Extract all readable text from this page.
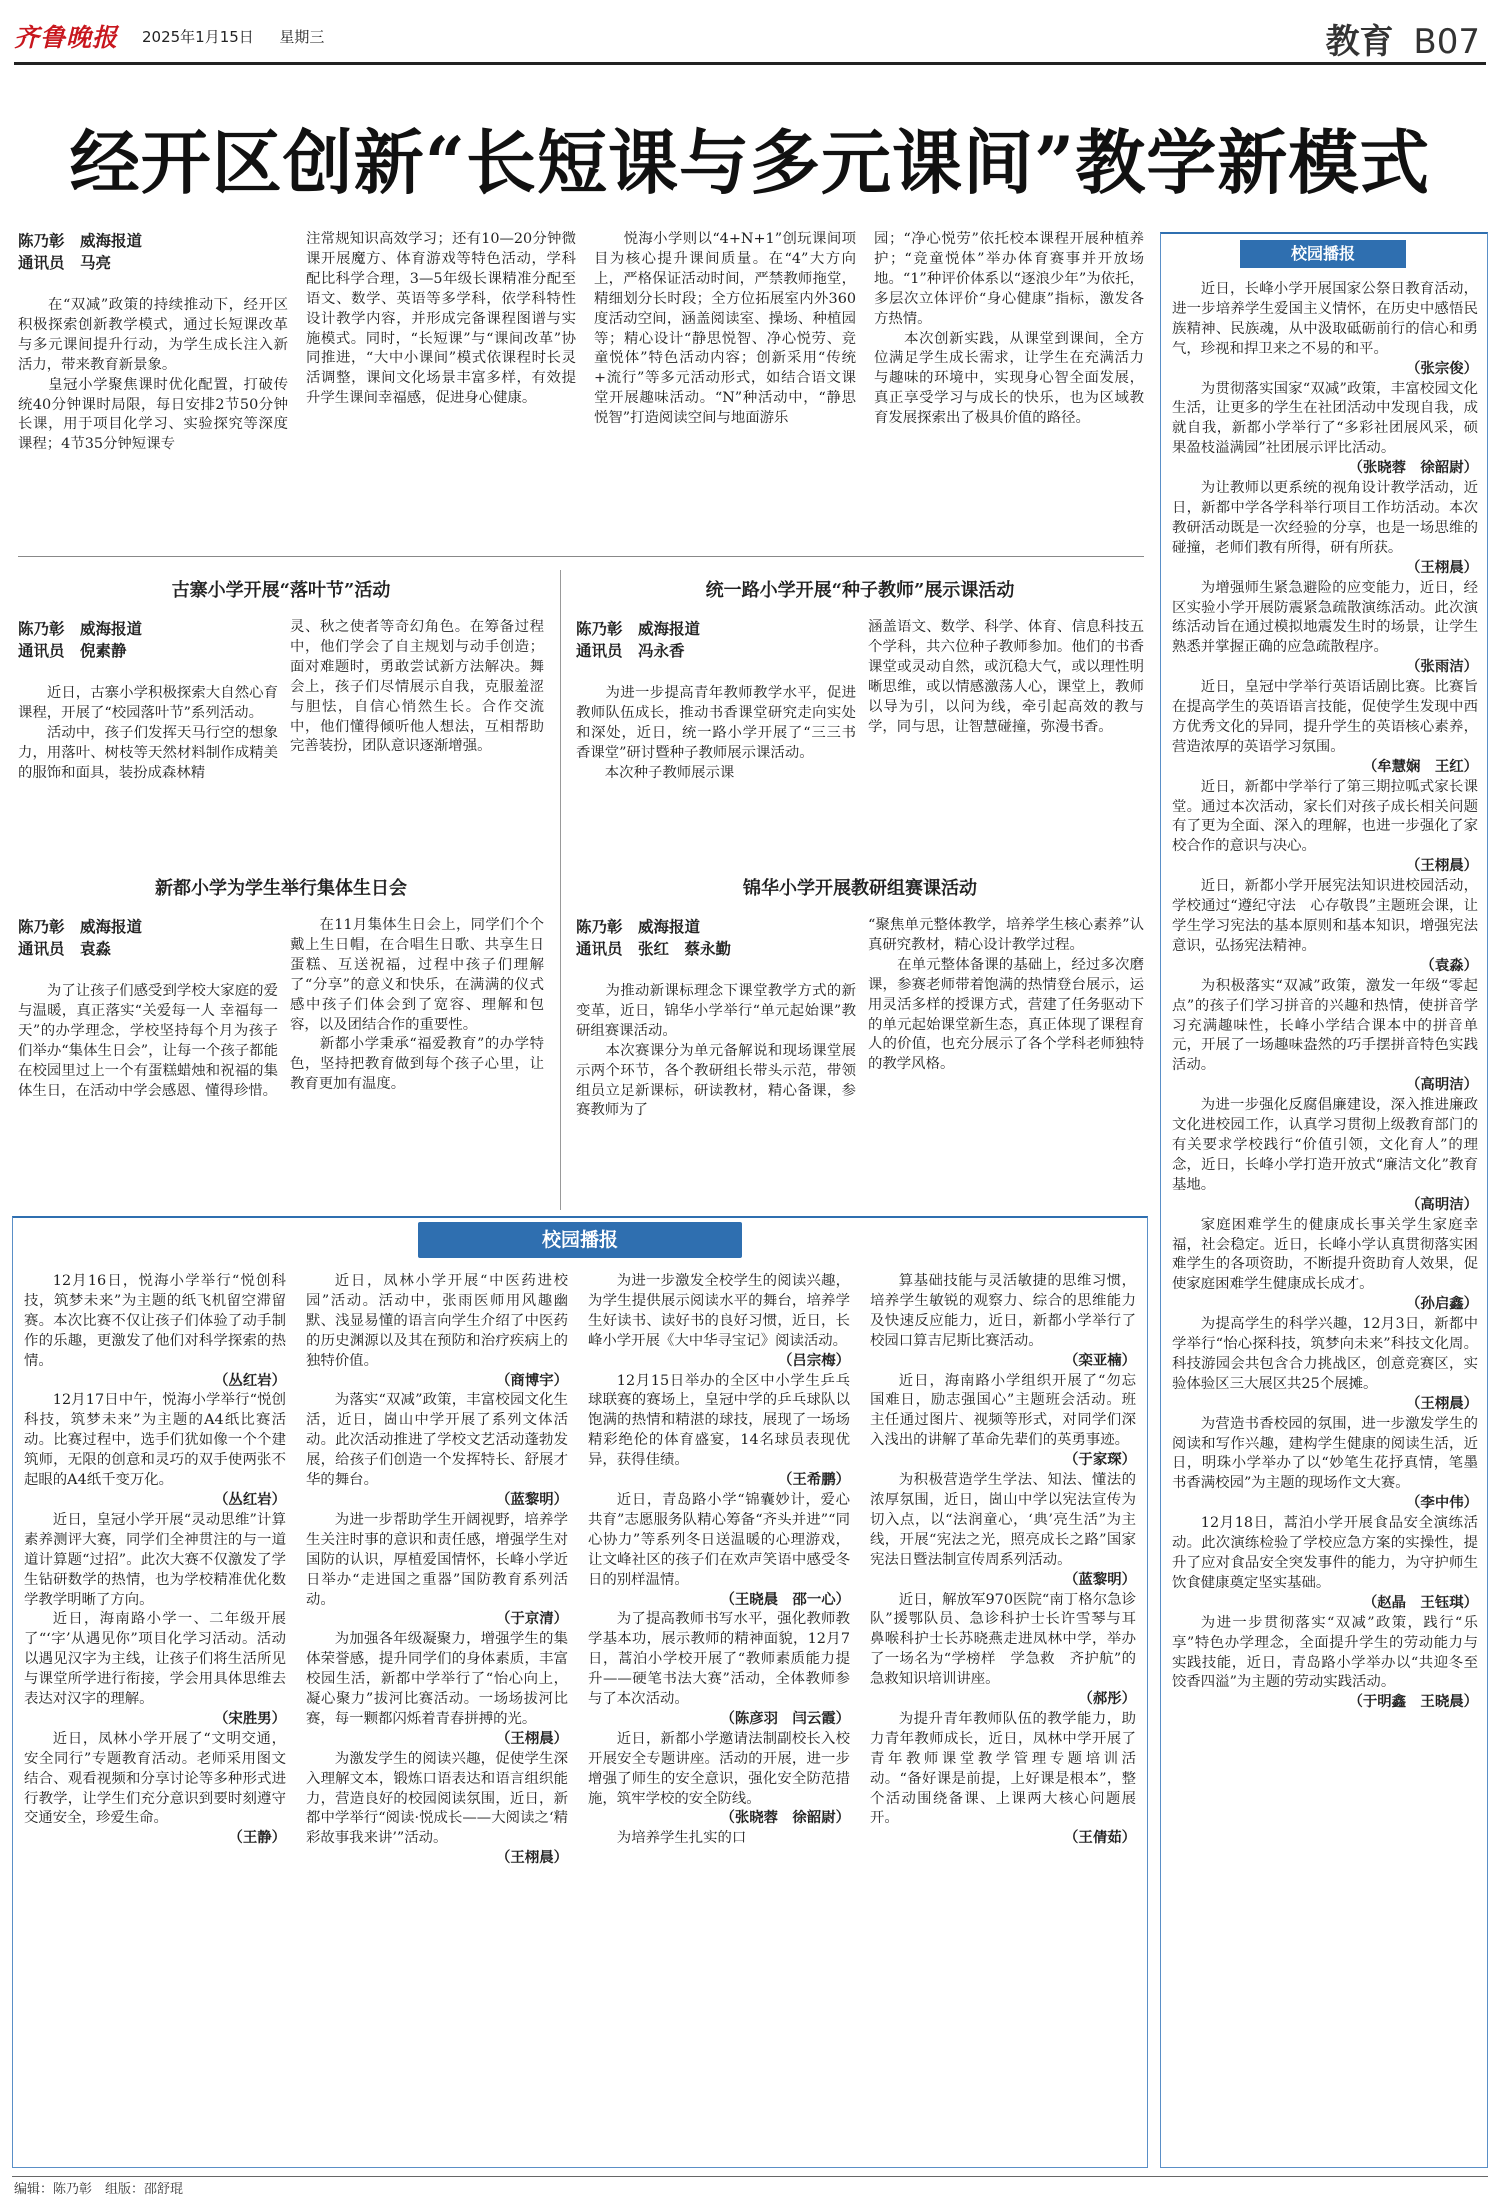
齐鲁晚报	2025年1月15日 星期三	教育 B07
经开区创新“长短课与多元课间”教学新模式
陈乃彰　威海报道
通讯员　马亮

　　在“双减”政策的持续推动下，经开区积极探索创新教学模式，通过长短课改革与多元课间提升行动，为学生成长注入新活力，带来教育新景象。
　　皇冠小学聚焦课时优化配置，打破传统40分钟课时局限，每日安排2节50分钟长课，用于项目化学习、实验探究等深度课程；4节35分钟短课专

注常规知识高效学习；还有10—20分钟微课开展魔方、体育游戏等特色活动，学科配比科学合理，3—5年级长课精准分配至语文、数学、英语等多学科，依学科特性设计教学内容，并形成完备课程图谱与实施模式。同时，“长短课”与“课间改革”协同推进，“大中小课间”模式依课程时长灵活调整，课间文化场景丰富多样，有效提升学生课间幸福感，促进身心健康。

　　悦海小学则以“4+N+1”创玩课间项目为核心提升课间质量。在“4”大方向上，严格保证活动时间，严禁教师拖堂，精细划分长时段；全方位拓展室内外360度活动空间，涵盖阅读室、操场、种植园等；精心设计“静思悦智、净心悦劳、竞童悦体”特色活动内容；创新采用“传统+流行”等多元活动形式，如结合语文课堂开展趣味活动。“N”种活动中，“静思悦智”打造阅读空间与地面游乐

园；“净心悦劳”依托校本课程开展种植养护；“竞童悦体”举办体育赛事并开放场地。“1”种评价体系以“逐浪少年”为依托，多层次立体评价“身心健康”指标，激发各方热情。
　　本次创新实践，从课堂到课间，全方位满足学生成长需求，让学生在充满活力与趣味的环境中，实现身心智全面发展，真正享受学习与成长的快乐，也为区域教育发展探索出了极具价值的路径。

古寨小学开展“落叶节”活动
陈乃彰　威海报道
通讯员　倪素静

　　近日，古寨小学积极探索大自然心育课程，开展了“校园落叶节”系列活动。
　　活动中，孩子们发挥天马行空的想象力，用落叶、树枝等天然材料制作成精美的服饰和面具，装扮成森林精

灵、秋之使者等奇幻角色。在筹备过程中，他们学会了自主规划与动手创造；面对难题时，勇敢尝试新方法解决。舞会上，孩子们尽情展示自我，克服羞涩与胆怯，自信心悄然生长。合作交流中，他们懂得倾听他人想法，互相帮助完善装扮，团队意识逐渐增强。

新都小学为学生举行集体生日会
陈乃彰　威海报道
通讯员　袁淼

　　为了让孩子们感受到学校大家庭的爱与温暖，真正落实“关爱每一人 幸福每一天”的办学理念，学校坚持每个月为孩子们举办“集体生日会”，让每一个孩子都能在校园里过上一个有蛋糕蜡烛和祝福的集体生日，在活动中学会感恩、懂得珍惜。

　　在11月集体生日会上，同学们个个戴上生日帽，在合唱生日歌、共享生日蛋糕、互送祝福，过程中孩子们理解了“分享”的意义和快乐，在满满的仪式感中孩子们体会到了宽容、理解和包容，以及团结合作的重要性。
　　新都小学秉承“福爱教育”的办学特色，坚持把教育做到每个孩子心里，让教育更加有温度。

统一路小学开展“种子教师”展示课活动
陈乃彰　威海报道
通讯员　冯永香

　　为进一步提高青年教师教学水平，促进教师队伍成长，推动书香课堂研究走向实处和深处，近日，统一路小学开展了“三三书香课堂”研讨暨种子教师展示课活动。
　　本次种子教师展示课

涵盖语文、数学、科学、体育、信息科技五个学科，共六位种子教师参加。他们的书香课堂或灵动自然，或沉稳大气，或以理性明晰思维，或以情感激荡人心，课堂上，教师以导为引，以问为线，牵引起高效的教与学，同与思，让智慧碰撞，弥漫书香。

锦华小学开展教研组赛课活动
陈乃彰　威海报道
通讯员　张红　蔡永勤

　　为推动新课标理念下课堂教学方式的新变革，近日，锦华小学举行“单元起始课”教研组赛课活动。
　　本次赛课分为单元备解说和现场课堂展示两个环节，各个教研组长带头示范，带领组员立足新课标，研读教材，精心备课，参赛教师为了

“聚焦单元整体教学，培养学生核心素养”认真研究教材，精心设计教学过程。
　　在单元整体备课的基础上，经过多次磨课，参赛老师带着饱满的热情登台展示，运用灵活多样的授课方式，营建了任务驱动下的单元起始课堂新生态，真正体现了课程育人的价值，也充分展示了各个学科老师独特的教学风格。

校园播报

12月16日，悦海小学举行“悦创科技，筑梦未来”为主题的纸飞机留空滞留赛。本次比赛不仅让孩子们体验了动手制作的乐趣，更激发了他们对科学探索的热情。

（丛红岩）

12月17日中午，悦海小学举行“悦创科技，筑梦未来”为主题的A4纸比赛活动。比赛过程中，选手们犹如像一个个建筑师，无限的创意和灵巧的双手使两张不起眼的A4纸千变万化。

（丛红岩）

近日，皇冠小学开展“灵动思维”计算素养测评大赛，同学们全神贯注的与一道道计算题“过招”。此次大赛不仅激发了学生钻研数学的热情，也为学校精准优化数学教学明晰了方向。

近日，海南路小学一、二年级开展了“‘字’从遇见你”项目化学习活动。活动以遇见汉字为主线，让孩子们将生活所见与课堂所学进行衔接，学会用具体思维去表达对汉字的理解。

（宋胜男）

近日，凤林小学开展了“文明交通，安全同行”专题教育活动。老师采用图文结合、观看视频和分享讨论等多种形式进行教学，让学生们充分意识到要时刻遵守交通安全，珍爱生命。

（王静）

近日，凤林小学开展“中医药进校园”活动。活动中，张雨医师用风趣幽默、浅显易懂的语言向学生介绍了中医药的历史渊源以及其在预防和治疗疾病上的独特价值。

（商博宇）

为落实“双减”政策，丰富校园文化生活，近日，崮山中学开展了系列文体活动。此次活动推进了学校文艺活动蓬勃发展，给孩子们创造一个发挥特长、舒展才华的舞台。

（蓝黎明）

为进一步帮助学生开阔视野，培养学生关注时事的意识和责任感，增强学生对国防的认识，厚植爱国情怀，长峰小学近日举办“走进国之重器”国防教育系列活动。

（于京清）

为加强各年级凝聚力，增强学生的集体荣誉感，提升同学们的身体素质，丰富校园生活，新都中学举行了“怡心向上，凝心聚力”拔河比赛活动。一场场拔河比赛，每一颗都闪烁着青春拼搏的光。

（王栩晨）

为激发学生的阅读兴趣，促使学生深入理解文本，锻炼口语表达和语言组织能力，营造良好的校园阅读氛围，近日，新都中学举行“阅读·悦成长——大阅读之‘精彩故事我来讲’”活动。

（王栩晨）

为进一步激发全校学生的阅读兴趣，为学生提供展示阅读水平的舞台，培养学生好读书、读好书的良好习惯，近日，长峰小学开展《大中华寻宝记》阅读活动。

（吕宗梅）

12月15日举办的全区中小学生乒乓球联赛的赛场上，皇冠中学的乒乓球队以饱满的热情和精湛的球技，展现了一场场精彩绝伦的体育盛宴，14名球员表现优异，获得佳绩。

（王希鹏）

近日，青岛路小学“锦囊妙计，爱心共育”志愿服务队精心筹备“齐头并进”“同心协力”等系列冬日送温暖的心理游戏，让文峰社区的孩子们在欢声笑语中感受冬日的别样温情。

（王晓晨　邵一心）

为了提高教师书写水平，强化教师教学基本功，展示教师的精神面貌，12月7日，蒿泊小学校开展了“教师素质能力提升——硬笔书法大赛”活动，全体教师参与了本次活动。

（陈彦羽　闫云霞）

近日，新都小学邀请法制副校长入校开展安全专题讲座。活动的开展，进一步增强了师生的安全意识，强化安全防范措施，筑牢学校的安全防线。

（张晓蓉　徐韶尉）

为培养学生扎实的口

算基础技能与灵活敏捷的思维习惯，培养学生敏锐的观察力、综合的思维能力及快速反应能力，近日，新都小学举行了校园口算吉尼斯比赛活动。

（栾亚楠）

近日，海南路小学组织开展了“勿忘国难日，励志强国心”主题班会活动。班主任通过图片、视频等形式，对同学们深入浅出的讲解了革命先辈们的英勇事迹。

（于家琛）

为积极营造学生学法、知法、懂法的浓厚氛围，近日，崮山中学以宪法宣传为切入点，以“法润童心，‘典’亮生活”为主线，开展“宪法之光，照亮成长之路”国家宪法日暨法制宣传周系列活动。

（蓝黎明）

近日，解放军970医院“南丁格尔急诊队”援鄂队员、急诊科护士长许雪琴与耳鼻喉科护士长苏晓燕走进凤林中学，举办了一场名为“学榜样　学急救　齐护航”的急救知识培训讲座。

（郝彤）

为提升青年教师队伍的教学能力，助力青年教师成长，近日，凤林中学开展了青年教师课堂教学管理专题培训活动。“备好课是前提，上好课是根本”，整个活动围绕备课、上课两大核心问题展开。

（王倩茹）

校园播报

近日，长峰小学开展国家公祭日教育活动，进一步培养学生爱国主义情怀，在历史中感悟民族精神、民族魂，从中汲取砥砺前行的信心和勇气，珍视和捍卫来之不易的和平。

（张宗俊）

为贯彻落实国家“双减”政策，丰富校园文化生活，让更多的学生在社团活动中发现自我，成就自我，新都小学举行了“多彩社团展风采，硕果盈枝溢满园”社团展示评比活动。

（张晓蓉　徐韶尉）

为让教师以更系统的视角设计教学活动，近日，新都中学各学科举行项目工作坊活动。本次教研活动既是一次经验的分享，也是一场思维的碰撞，老师们教有所得，研有所获。

（王栩晨）

为增强师生紧急避险的应变能力，近日，经区实验小学开展防震紧急疏散演练活动。此次演练活动旨在通过模拟地震发生时的场景，让学生熟悉并掌握正确的应急疏散程序。

（张雨洁）

近日，皇冠中学举行英语话剧比赛。比赛旨在提高学生的英语语言技能，促使学生发现中西方优秀文化的异同，提升学生的英语核心素养，营造浓厚的英语学习氛围。

（牟慧娴　王红）

近日，新都中学举行了第三期拉呱式家长课堂。通过本次活动，家长们对孩子成长相关问题有了更为全面、深入的理解，也进一步强化了家校合作的意识与决心。

（王栩晨）

近日，新都小学开展宪法知识进校园活动，学校通过“遵纪守法　心存敬畏”主题班会课，让学生学习宪法的基本原则和基本知识，增强宪法意识，弘扬宪法精神。

（袁淼）

为积极落实“双减”政策，激发一年级“零起点”的孩子们学习拼音的兴趣和热情，使拼音学习充满趣味性，长峰小学结合课本中的拼音单元，开展了一场趣味盎然的巧手摆拼音特色实践活动。

（高明洁）

为进一步强化反腐倡廉建设，深入推进廉政文化进校园工作，认真学习贯彻上级教育部门的有关要求学校践行“价值引领，文化育人”的理念，近日，长峰小学打造开放式“廉洁文化”教育基地。

（高明洁）

家庭困难学生的健康成长事关学生家庭幸福，社会稳定。近日，长峰小学认真贯彻落实困难学生的各项资助，不断提升资助育人效果，促使家庭困难学生健康成长成才。

（孙启鑫）

为提高学生的科学兴趣，12月3日，新都中学举行“怡心探科技，筑梦向未来”科技文化周。科技游园会共包含合力挑战区，创意竞赛区，实验体验区三大展区共25个展摊。

（王栩晨）

为营造书香校园的氛围，进一步激发学生的阅读和写作兴趣，建构学生健康的阅读生活，近日，明珠小学举办了以“妙笔生花抒真情，笔墨书香满校园”为主题的现场作文大赛。

（李中伟）

12月18日，蒿泊小学开展食品安全演练活动。此次演练检验了学校应急方案的实操性，提升了应对食品安全突发事件的能力，为守护师生饮食健康奠定坚实基础。

（赵晶　王钰琪）

为进一步贯彻落实“双减”政策，践行“乐享”特色办学理念，全面提升学生的劳动能力与实践技能，近日，青岛路小学举办以“共迎冬至　饺香四溢”为主题的劳动实践活动。

（于明鑫　王晓晨）

编辑：陈乃彰　组版：邵舒琨
